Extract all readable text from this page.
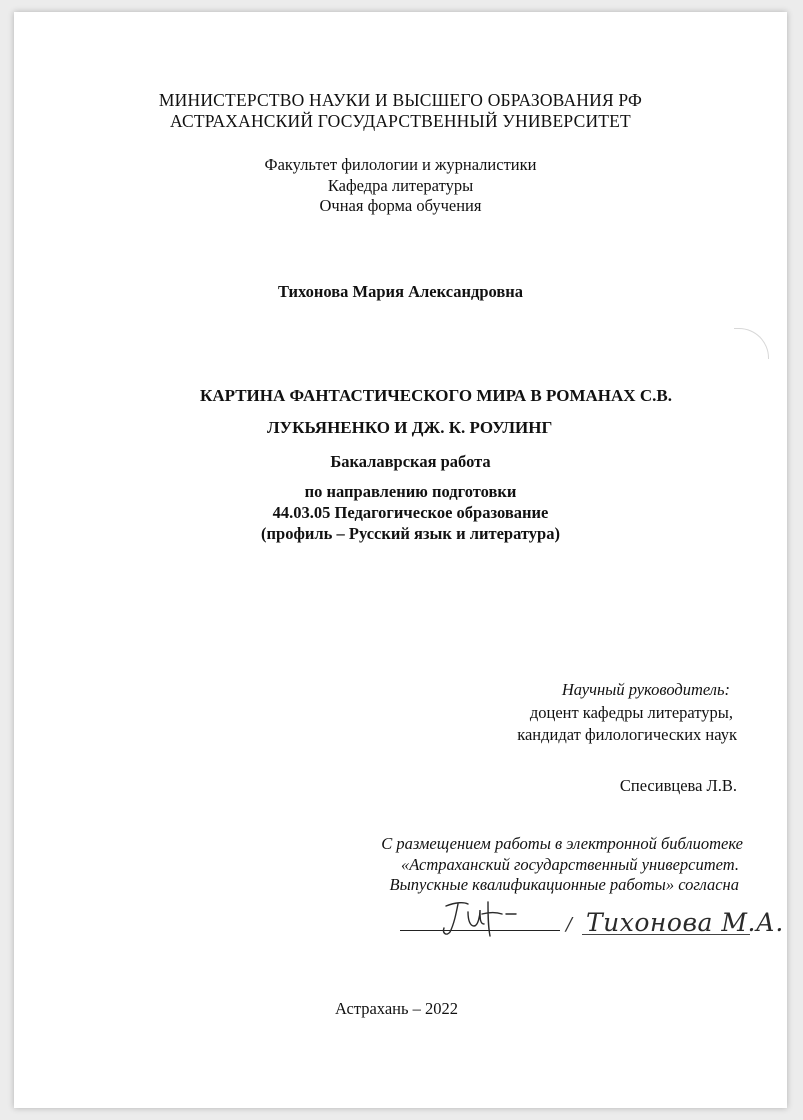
МИНИСТЕРСТВО НАУКИ И ВЫСШЕГО ОБРАЗОВАНИЯ РФ
АСТРАХАНСКИЙ ГОСУДАРСТВЕННЫЙ УНИВЕРСИТЕТ
Факультет филологии и журналистики
Кафедра литературы
Очная форма обучения
Тихонова Мария Александровна
КАРТИНА ФАНТАСТИЧЕСКОГО МИРА В РОМАНАХ С.В.
ЛУКЬЯНЕНКО И ДЖ. К. РОУЛИНГ
Бакалаврская работа
по направлению подготовки
44.03.05 Педагогическое образование
(профиль – Русский язык и литература)
Научный руководитель:
доцент кафедры литературы,
кандидат филологических наук
Спесивцева Л.В.
С размещением работы в электронной библиотеке
«Астраханский государственный университет.
Выпускные квалификационные работы» согласна
/ Тихонова М.А.
Астрахань – 2022
